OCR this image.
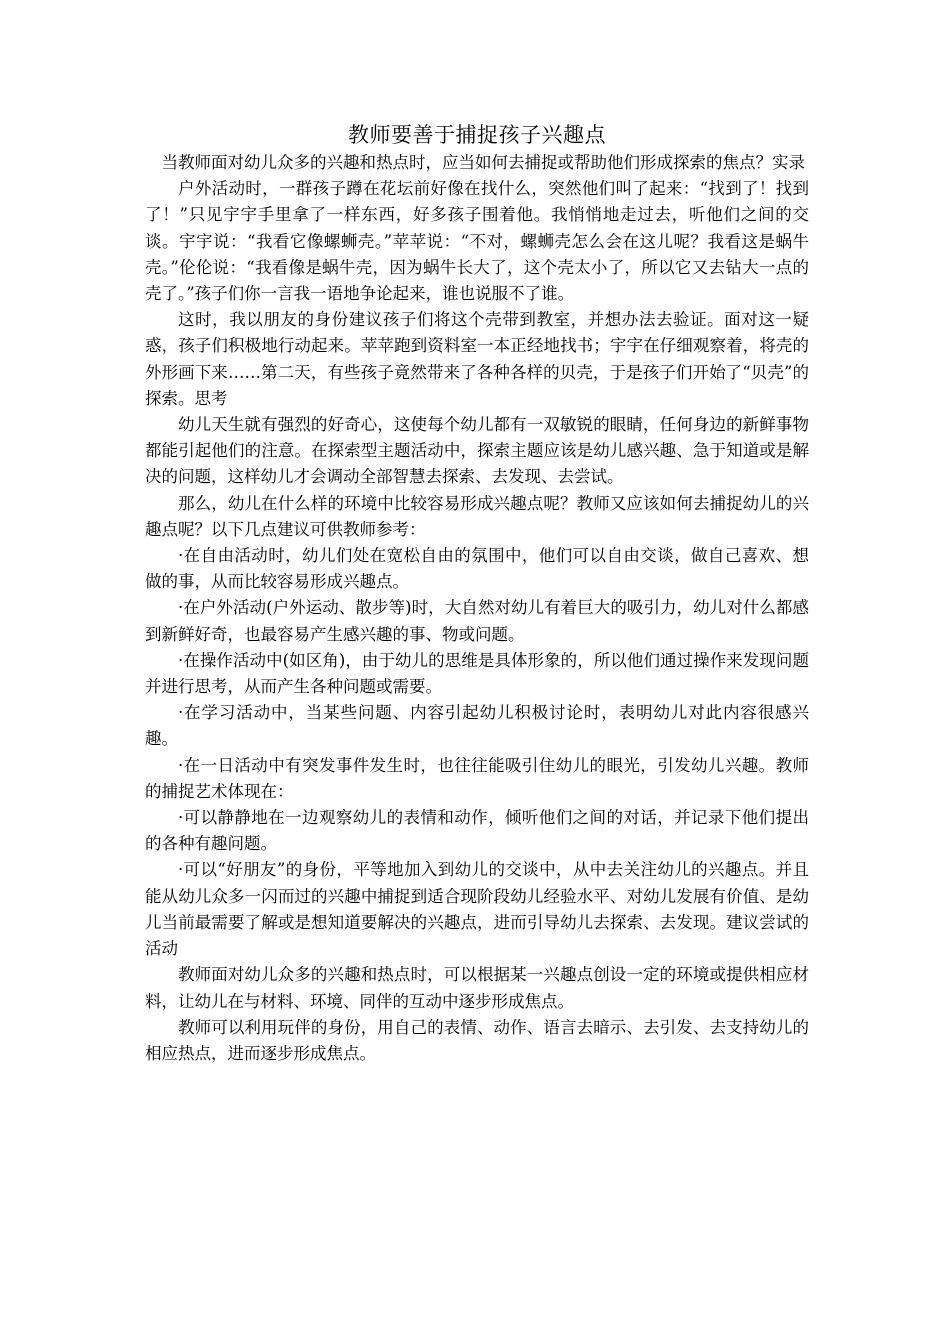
教师要善于捕捉孩子兴趣点

当教师面对幼儿众多的兴趣和热点时，应当如何去捕捉或帮助他们形成探索的焦点？实录

户外活动时，一群孩子蹲在花坛前好像在找什么，突然他们叫了起来：“找到了！找到了！”只见宇宇手里拿了一样东西，好多孩子围着他。我悄悄地走过去，听他们之间的交谈。宇宇说：“我看它像螺蛳壳。”苹苹说：“不对，螺蛳壳怎么会在这儿呢？我看这是蜗牛壳。”伦伦说：“我看像是蜗牛壳，因为蜗牛长大了，这个壳太小了，所以它又去钻大一点的壳了。”孩子们你一言我一语地争论起来，谁也说服不了谁。

这时，我以朋友的身份建议孩子们将这个壳带到教室，并想办法去验证。面对这一疑惑，孩子们积极地行动起来。苹苹跑到资料室一本正经地找书；宇宇在仔细观察着，将壳的外形画下来……第二天，有些孩子竟然带来了各种各样的贝壳，于是孩子们开始了“贝壳”的探索。思考

幼儿天生就有强烈的好奇心，这使每个幼儿都有一双敏锐的眼睛，任何身边的新鲜事物都能引起他们的注意。在探索型主题活动中，探索主题应该是幼儿感兴趣、急于知道或是解决的问题，这样幼儿才会调动全部智慧去探索、去发现、去尝试。

那么，幼儿在什么样的环境中比较容易形成兴趣点呢？教师又应该如何去捕捉幼儿的兴趣点呢？以下几点建议可供教师参考：

·在自由活动时，幼儿们处在宽松自由的氛围中，他们可以自由交谈，做自己喜欢、想做的事，从而比较容易形成兴趣点。

·在户外活动(户外运动、散步等)时，大自然对幼儿有着巨大的吸引力，幼儿对什么都感到新鲜好奇，也最容易产生感兴趣的事、物或问题。

·在操作活动中(如区角)，由于幼儿的思维是具体形象的，所以他们通过操作来发现问题并进行思考，从而产生各种问题或需要。

·在学习活动中，当某些问题、内容引起幼儿积极讨论时，表明幼儿对此内容很感兴趣。

·在一日活动中有突发事件发生时，也往往能吸引住幼儿的眼光，引发幼儿兴趣。教师的捕捉艺术体现在：

·可以静静地在一边观察幼儿的表情和动作，倾听他们之间的对话，并记录下他们提出的各种有趣问题。

·可以“好朋友”的身份，平等地加入到幼儿的交谈中，从中去关注幼儿的兴趣点。并且能从幼儿众多一闪而过的兴趣中捕捉到适合现阶段幼儿经验水平、对幼儿发展有价值、是幼儿当前最需要了解或是想知道要解决的兴趣点，进而引导幼儿去探索、去发现。建议尝试的活动

教师面对幼儿众多的兴趣和热点时，可以根据某一兴趣点创设一定的环境或提供相应材料，让幼儿在与材料、环境、同伴的互动中逐步形成焦点。

教师可以利用玩伴的身份，用自己的表情、动作、语言去暗示、去引发、去支持幼儿的相应热点，进而逐步形成焦点。
